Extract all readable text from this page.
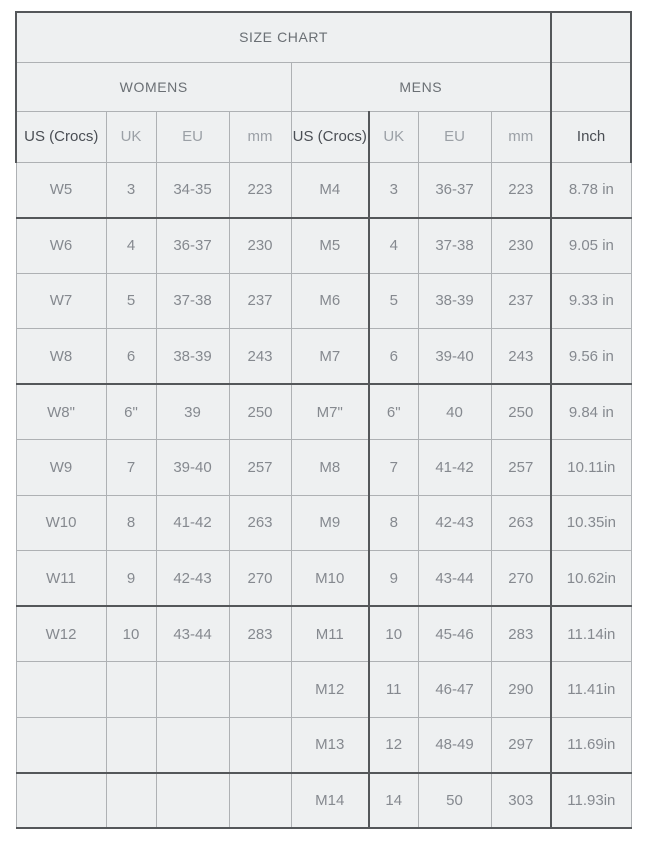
SIZE CHART								
WOMENS				MENS				
US (Crocs)	UK	EU	mm	US (Crocs)	UK	EU	mm	Inch
W5	3	34-35	223	M4	3	36-37	223	8.78 in
W6	4	36-37	230	M5	4	37-38	230	9.05 in
W7	5	37-38	237	M6	5	38-39	237	9.33 in
W8	6	38-39	243	M7	6	39-40	243	9.56 in
W8"	6"	39	250	M7"	6"	40	250	9.84 in
W9	7	39-40	257	M8	7	41-42	257	10.11in
W10	8	41-42	263	M9	8	42-43	263	10.35in
W11	9	42-43	270	M10	9	43-44	270	10.62in
W12	10	43-44	283	M11	10	45-46	283	11.14in
				M12	11	46-47	290	11.41in
				M13	12	48-49	297	11.69in
				M14	14	50	303	11.93in
